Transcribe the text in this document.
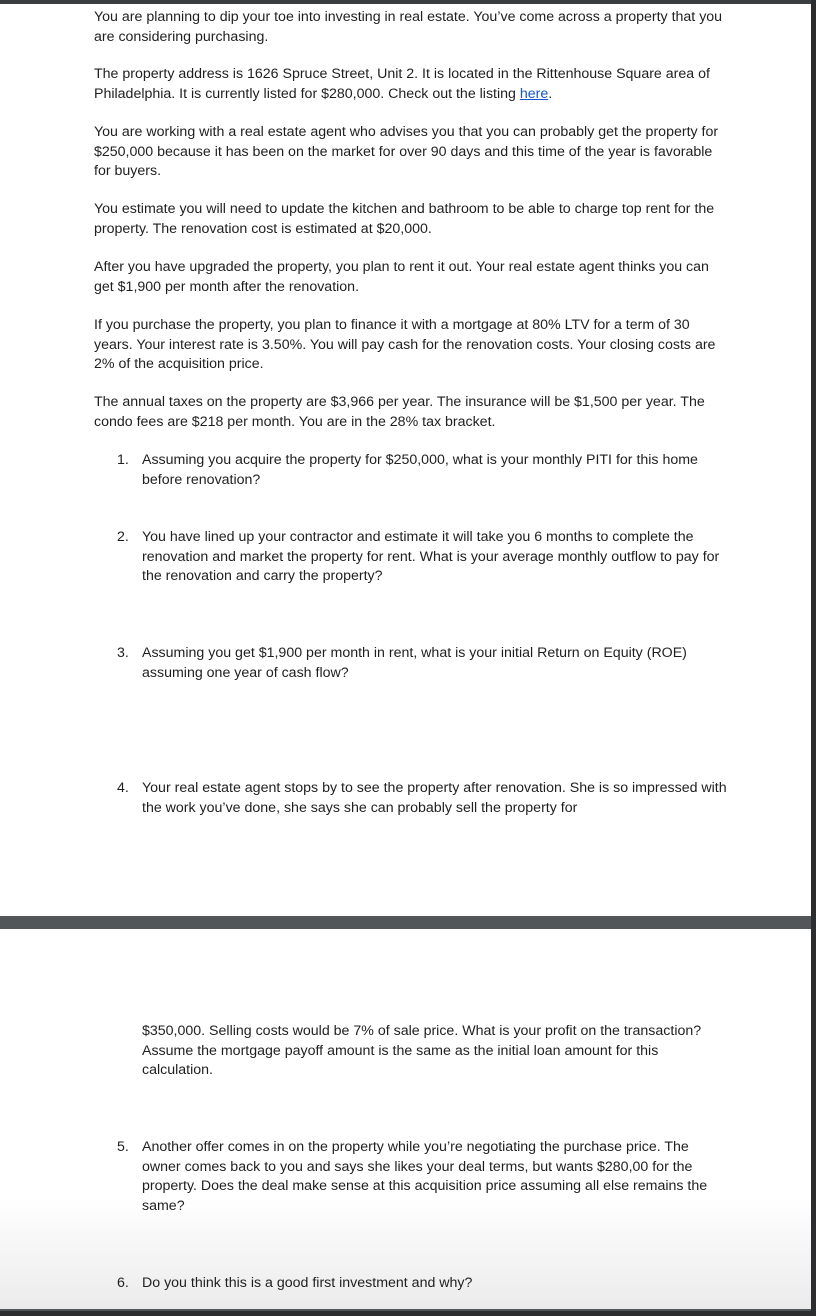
You are planning to dip your toe into investing in real estate. You’ve come across a property that you are considering purchasing.

The property address is 1626 Spruce Street, Unit 2. It is located in the Rittenhouse Square area of Philadelphia. It is currently listed for $280,000. Check out the listing here.

You are working with a real estate agent who advises you that you can probably get the property for $250,000 because it has been on the market for over 90 days and this time of the year is favorable for buyers.

You estimate you will need to update the kitchen and bathroom to be able to charge top rent for the property. The renovation cost is estimated at $20,000.

After you have upgraded the property, you plan to rent it out. Your real estate agent thinks you can get $1,900 per month after the renovation.

If you purchase the property, you plan to finance it with a mortgage at 80% LTV for a term of 30 years. Your interest rate is 3.50%. You will pay cash for the renovation costs. Your closing costs are 2% of the acquisition price.

The annual taxes on the property are $3,966 per year. The insurance will be $1,500 per year. The condo fees are $218 per month. You are in the 28% tax bracket.

1. Assuming you acquire the property for $250,000, what is your monthly PITI for this home before renovation?
2. You have lined up your contractor and estimate it will take you 6 months to complete the renovation and market the property for rent. What is your average monthly outflow to pay for the renovation and carry the property?
3. Assuming you get $1,900 per month in rent, what is your initial Return on Equity (ROE) assuming one year of cash flow?
4. Your real estate agent stops by to see the property after renovation. She is so impressed with the work you’ve done, she says she can probably sell the property for

$350,000. Selling costs would be 7% of sale price. What is your profit on the transaction? Assume the mortgage payoff amount is the same as the initial loan amount for this calculation.

5. Another offer comes in on the property while you’re negotiating the purchase price. The owner comes back to you and says she likes your deal terms, but wants $280,00 for the property. Does the deal make sense at this acquisition price assuming all else remains the same?
6. Do you think this is a good first investment and why?
